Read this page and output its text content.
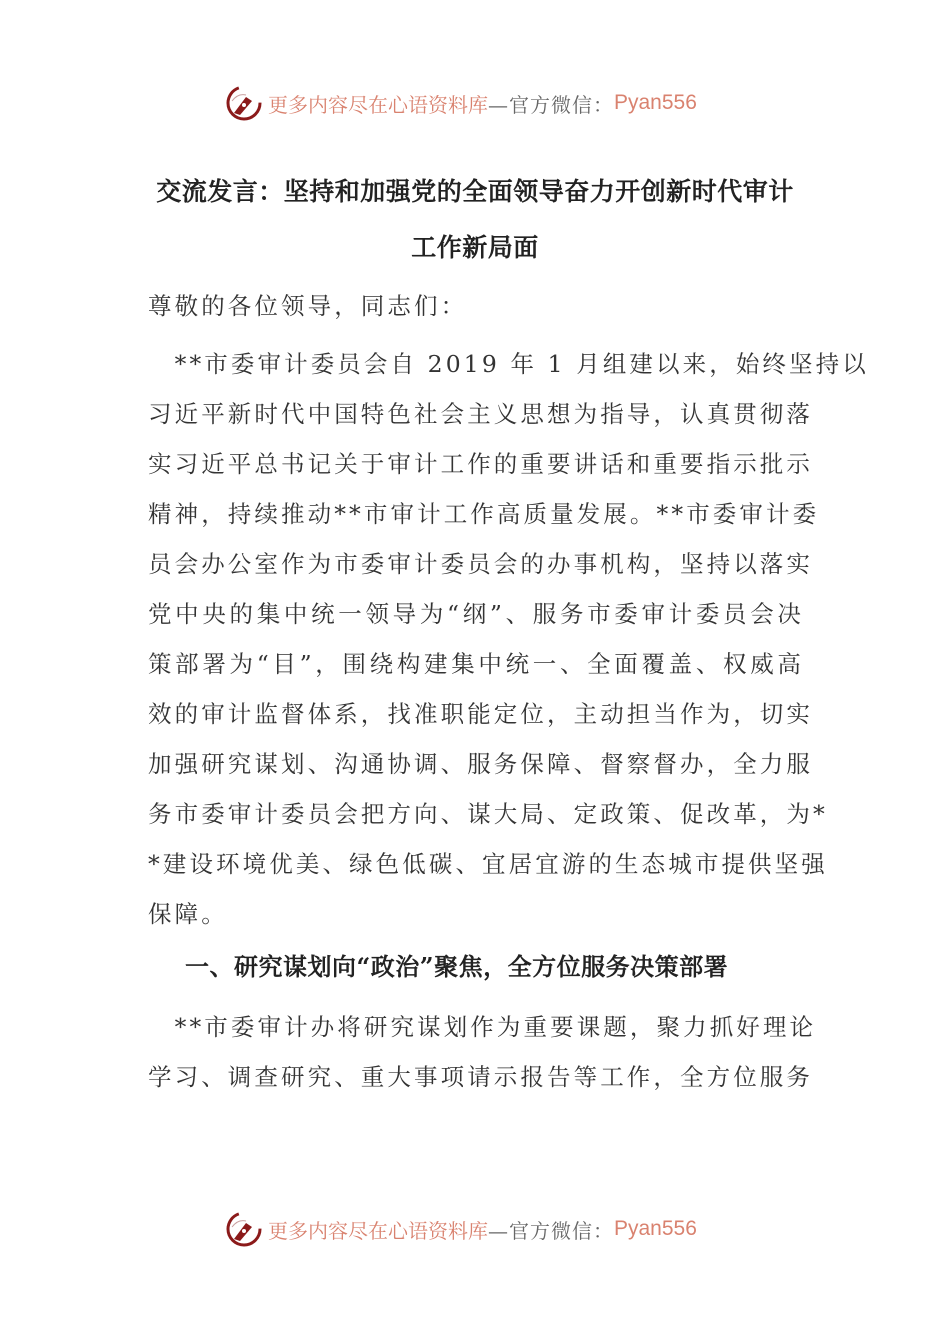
更多内容尽在心语资料库 —官方微信： Pyan556
交流发言：坚持和加强党的全面领导奋力开创新时代审计
工作新局面
尊敬的各位领导，同志们：
　**市委审计委员会自 2019 年 1 月组建以来，始终坚持以
习近平新时代中国特色社会主义思想为指导，认真贯彻落
实习近平总书记关于审计工作的重要讲话和重要指示批示
精神，持续推动**市审计工作高质量发展。**市委审计委
员会办公室作为市委审计委员会的办事机构，坚持以落实
党中央的集中统一领导为“纲”、服务市委审计委员会决
策部署为“目”，围绕构建集中统一、全面覆盖、权威高
效的审计监督体系，找准职能定位，主动担当作为，切实
加强研究谋划、沟通协调、服务保障、督察督办，全力服
务市委审计委员会把方向、谋大局、定政策、促改革，为*
*建设环境优美、绿色低碳、宜居宜游的生态城市提供坚强
保障。
一、研究谋划向“政治”聚焦，全方位服务决策部署
　**市委审计办将研究谋划作为重要课题，聚力抓好理论
学习、调查研究、重大事项请示报告等工作，全方位服务
更多内容尽在心语资料库 —官方微信： Pyan556
